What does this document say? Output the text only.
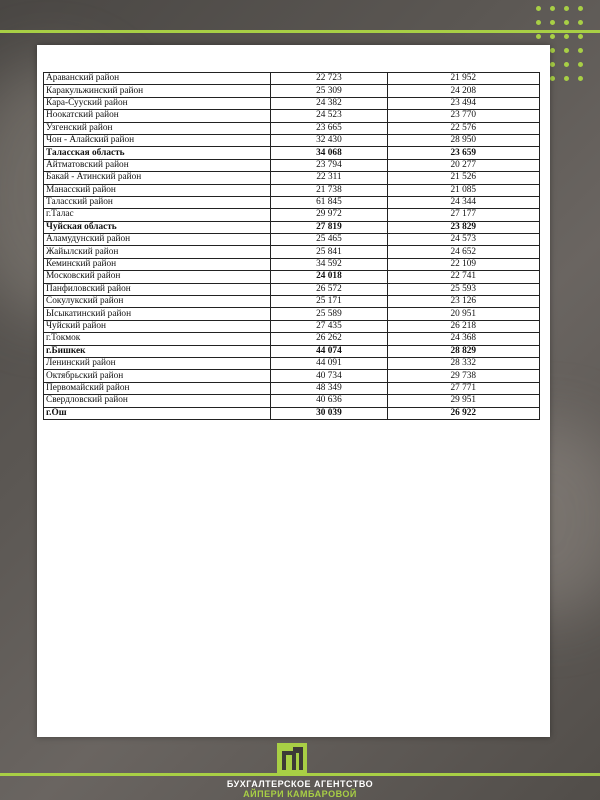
Араванский район	22 723	21 952
Каракульжинский район	25 309	24 208
Кара-Сууский район	24 382	23 494
Ноокатский район	24 523	23 770
Узгенский район	23 665	22 576
Чон - Алайский район	32 430	28 950
Таласская область	34 068	23 659
Айтматовский район	23 794	20 277
Бакай - Атинский район	22 311	21 526
Манасский район	21 738	21 085
Таласский район	61 845	24 344
г.Талас	29 972	27 177
Чуйская область	27 819	23 829
Аламудунский район	25 465	24 573
Жайылский район	25 841	24 652
Кеминский район	34 592	22 109
Московский район	24 018	22 741
Панфиловский район	26 572	25 593
Сокулукский район	25 171	23 126
Ысыкатинский район	25 589	20 951
Чуйский район	27 435	26 218
г.Токмок	26 262	24 368
г.Бишкек	44 074	28 829
Ленинский район	44 091	28 332
Октябрьский район	40 734	29 738
Первомайский район	48 349	27 771
Свердловский район	40 636	29 951
г.Ош	30 039	26 922
БУХГАЛТЕРСКОЕ АГЕНТСТВО
АЙПЕРИ КАМБАРОВОЙ
